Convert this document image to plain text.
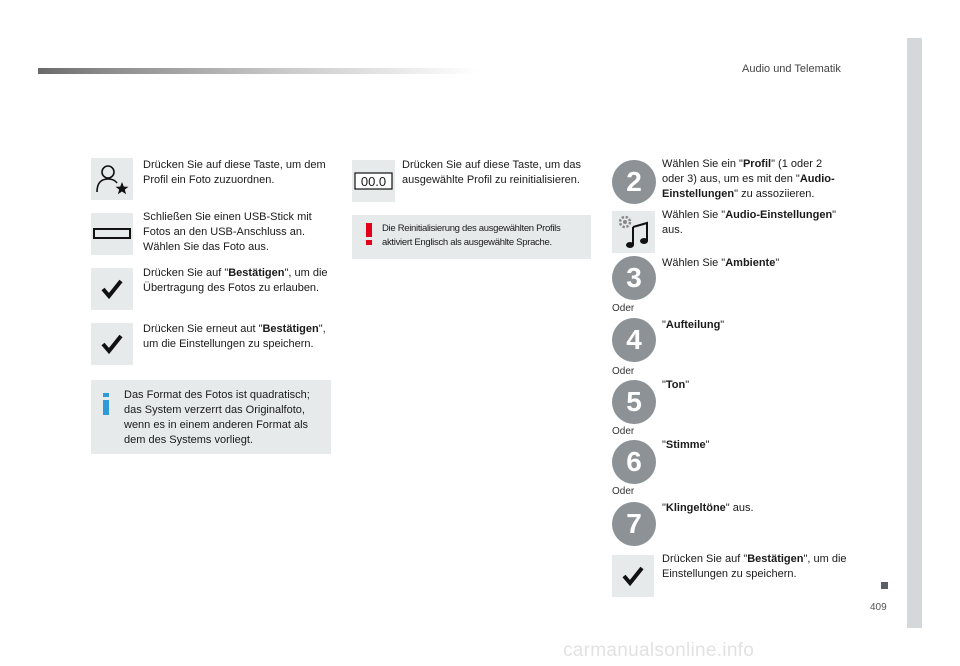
Audio und Telematik
409
carmanualsonline.info
Drücken Sie auf diese Taste, um dem Profil ein Foto zuzuordnen.
Schließen Sie einen USB-Stick mit Fotos an den USB-Anschluss an. Wählen Sie das Foto aus.
Drücken Sie auf "Bestätigen", um die Übertragung des Fotos zu erlauben.
Drücken Sie erneut aut "Bestätigen", um die Einstellungen zu speichern.
Das Format des Fotos ist quadratisch; das System verzerrt das Originalfoto, wenn es in einem anderen Format als dem des Systems vorliegt.
00.0
Drücken Sie auf diese Taste, um das ausgewählte Profil zu reinitialisieren.
Die Reinitialisierung des ausgewählten Profils aktiviert Englisch als ausgewählte Sprache.
2
Wählen Sie ein "Profil" (1 oder 2 oder 3) aus, um es mit den "Audio-Einstellungen" zu assoziieren.
Wählen Sie "Audio-Einstellungen" aus.
3	Wählen Sie "Ambiente"
Oder
4	"Aufteilung"
Oder
5
"Ton"
Oder
6
"Stimme"
Oder
7	"Klingeltöne" aus.
Drücken Sie auf "Bestätigen", um die Einstellungen zu speichern.
